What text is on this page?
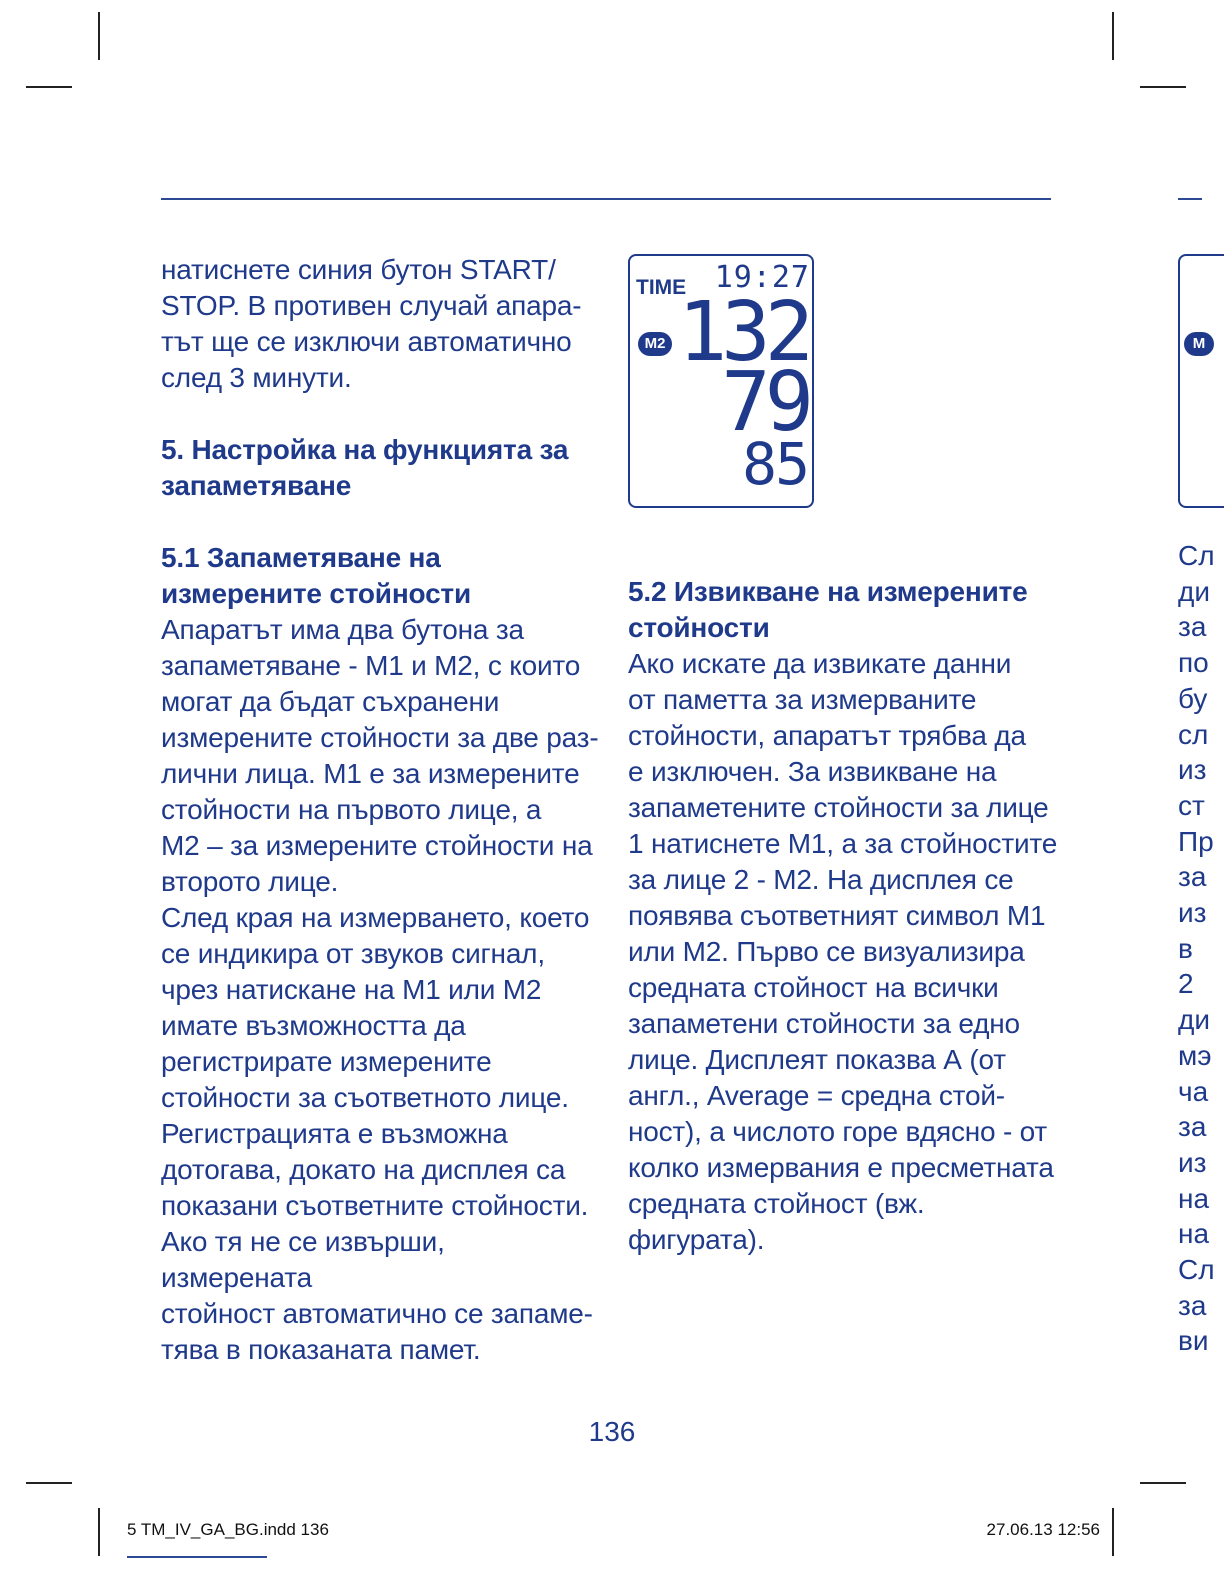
натиснете синия бутон START/

STOP. В противен случай апара-

тът ще се изключи автоматично

след 3 минути.

5. Настройка на функцията за

запаметяване

5.1 Запаметяване на

измерените стойности

Апаратът има два бутона за

запаметяване - M1 и M2, с които

могат да бъдат съхранени

измерените стойности за две раз-

лични лица. M1 е за измерените

стойности на първото лице, а

M2 – за измерените стойности на

второто лице.

След края на измерването, което

се индикира от звуков сигнал,

чрез натискане на M1 или M2

имате възможността да

регистрирате измерените

стойности за съответното лице.

Регистрацията е възможна

дотогава, докато на дисплея са

показани съответните стойности.

Ако тя не се извърши, измерената

стойност автоматично се запаме-

тява в показаната памет.

TIME 19:27
M2 132
79
85

5.2 Извикване на измерените

стойности

Ако искате да извикате данни

от паметта за измерваните

стойности, апаратът трябва да

е изключен. За извикване на

запаметените стойности за лице

1 натиснете M1, а за стойностите

за лице 2 - M2. На дисплея се

появява съответният символ M1

или M2. Първо се визуализира

средната стойност на всички

запаметени стойности за едно

лице. Дисплеят показва А (от

англ., Average = средна стой-

ност), а числото горе вдясно - от

колко измервания е пресметната

средната стойност (вж. фигурата).

M
Сл
ди
за
по
бу
сл
из
ст
Пр
за
из
в
2
ди
мэ
ча
за
из
на
на
Сл
за
ви
136
5 TM_IV_GA_BG.indd 136	27.06.13 12:56
